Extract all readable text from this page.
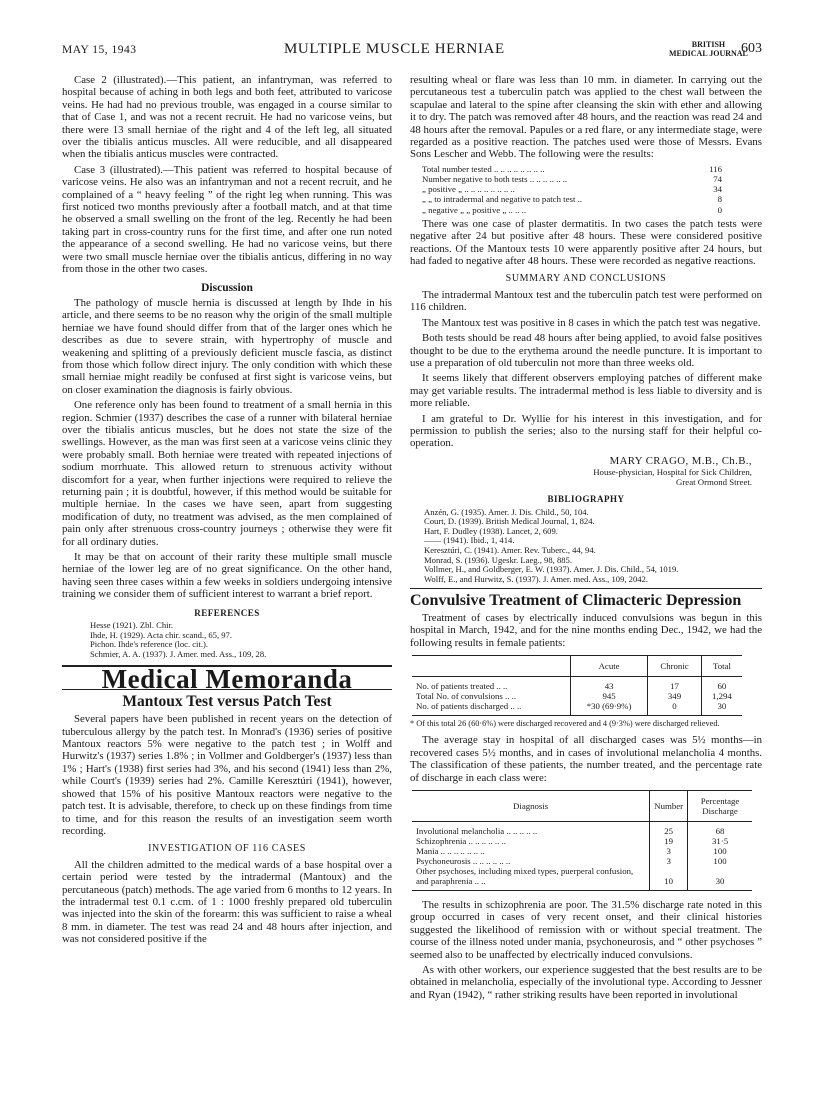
MAY 15, 1943	MULTIPLE MUSCLE HERNIAE	BRITISH
MEDICAL JOURNAL
603

Case 2 (illustrated).—This patient, an infantryman, was referred to hospital because of aching in both legs and both feet, attributed to varicose veins. He had had no previous trouble, was engaged in a course similar to that of Case 1, and was not a recent recruit. He had no varicose veins, but there were 13 small herniae of the right and 4 of the left leg, all situated over the tibialis anticus muscles. All were reducible, and all disappeared when the tibialis anticus muscles were contracted.

Case 3 (illustrated).—This patient was referred to hospital because of varicose veins. He also was an infantryman and not a recent recruit, and he complained of a “ heavy feeling ” of the right leg when running. This was first noticed two months previously after a football match, and at that time he observed a small swelling on the front of the leg. Recently he had been taking part in cross-country runs for the first time, and after one run noted the appearance of a second swelling. He had no varicose veins, but there were two small muscle herniae over the tibialis anticus, differing in no way from those in the other two cases.

Discussion

The pathology of muscle hernia is discussed at length by Ihde in his article, and there seems to be no reason why the origin of the small multiple herniae we have found should differ from that of the larger ones which he describes as due to severe strain, with hypertrophy of muscle and weakening and splitting of a previously deficient muscle fascia, as distinct from those which follow direct injury. The only condition with which these small herniae might readily be confused at first sight is varicose veins, but on closer examination the diagnosis is fairly obvious.

One reference only has been found to treatment of a small hernia in this region. Schmier (1937) describes the case of a runner with bilateral herniae over the tibialis anticus muscles, but he does not state the size of the swellings. However, as the man was first seen at a varicose veins clinic they were probably small. Both herniae were treated with repeated injections of sodium morrhuate. This allowed return to strenuous activity without discomfort for a year, when further injections were required to relieve the returning pain ; it is doubtful, however, if this method would be suitable for multiple herniae. In the cases we have seen, apart from suggesting modification of duty, no treatment was advised, as the men complained of pain only after strenuous cross-country journeys ; otherwise they were fit for all ordinary duties.

It may be that on account of their rarity these multiple small muscle herniae of the lower leg are of no great significance. On the other hand, having seen three cases within a few weeks in soldiers undergoing intensive training we consider them of sufficient interest to warrant a brief report.

REFERENCES
Hesse (1921). Zbl. Chir.
Ihde, H. (1929). Acta chir. scand., 65, 97.
Pichon. Ihde's reference (loc. cit.).
Schmier, A. A. (1937). J. Amer. med. Ass., 109, 28.
Medical Memoranda
Mantoux Test versus Patch Test

Several papers have been published in recent years on the detection of tuberculous allergy by the patch test. In Monrad's (1936) series of positive Mantoux reactors 5% were negative to the patch test ; in Wolff and Hurwitz's (1937) series 1.8% ; in Vollmer and Goldberger's (1937) less than 1% ; Hart's (1938) first series had 3%, and his second (1941) less than 2%, while Court's (1939) series had 2%. Camille Keresztúri (1941), however, showed that 15% of his positive Mantoux reactors were negative to the patch test. It is advisable, therefore, to check up on these findings from time to time, and for this reason the results of an investigation seem worth recording.

INVESTIGATION OF 116 CASES

All the children admitted to the medical wards of a base hospital over a certain period were tested by the intradermal (Mantoux) and the percutaneous (patch) methods. The age varied from 6 months to 12 years. In the intradermal test 0.1 c.cm. of 1 : 1000 freshly prepared old tuberculin was injected into the skin of the forearm: this was sufficient to raise a wheal 8 mm. in diameter. The test was read 24 and 48 hours after injection, and was not considered positive if the

resulting wheal or flare was less than 10 mm. in diameter. In carrying out the percutaneous test a tuberculin patch was applied to the chest wall between the scapulae and lateral to the spine after cleansing the skin with ether and allowing it to dry. The patch was removed after 48 hours, and the reaction was read 24 and 48 hours after the removal. Papules or a red flare, or any intermediate stage, were regarded as a positive reaction. The patches used were those of Messrs. Evans Sons Lescher and Webb. The following were the results:

Total number tested .. .. .. .. .. .. .. ..	116
Number negative to both tests .. .. .. .. .. ..	74
„ positive „ .. .. .. .. .. .. .. ..	34
„ „ to intradermal and negative to patch test ..	8
„ negative „ „ positive „ .. .. ..	0

There was one case of plaster dermatitis. In two cases the patch tests were negative after 24 but positive after 48 hours. These were considered positive reactions. Of the Mantoux tests 10 were apparently positive after 24 hours, but had faded to negative after 48 hours. These were recorded as negative reactions.

SUMMARY AND CONCLUSIONS

The intradermal Mantoux test and the tuberculin patch test were performed on 116 children.

The Mantoux test was positive in 8 cases in which the patch test was negative.

Both tests should be read 48 hours after being applied, to avoid false positives thought to be due to the erythema around the needle puncture. It is important to use a preparation of old tuberculin not more than three weeks old.

It seems likely that different observers employing patches of different make may get variable results. The intradermal method is less liable to diversity and is more reliable.

I am grateful to Dr. Wyllie for his interest in this investigation, and for permission to publish the series; also to the nursing staff for their helpful co-operation.

MARY CRAGO, M.B., Ch.B.,
House-physician, Hospital for Sick Children,
Great Ormond Street.
BIBLIOGRAPHY
Anzén, G. (1935). Amer. J. Dis. Child., 50, 104.
Court, D. (1939). British Medical Journal, 1, 824.
Hart, F. Dudley (1938). Lancet, 2, 609.
—— (1941). Ibid., 1, 414.
Keresztúri, C. (1941). Amer. Rev. Tuberc., 44, 94.
Monrad, S. (1936). Ugeskr. Laeg., 98, 885.
Vollmer, H., and Goldberger, E. W. (1937). Amer. J. Dis. Child., 54, 1019.
Wolff, E., and Hurwitz, S. (1937). J. Amer. med. Ass., 109, 2042.
Convulsive Treatment of Climacteric Depression

Treatment of cases by electrically induced convulsions was begun in this hospital in March, 1942, and for the nine months ending Dec., 1942, we had the following results in female patients:

	Acute	Chronic	Total
No. of patients treated .. ..	43	17	60
Total No. of convulsions .. ..	945	349	1,294
No. of patients discharged .. ..	*30 (69·9%)	0	30
* Of this total 26 (60·6%) were discharged recovered and 4 (9·3%) were discharged relieved.

The average stay in hospital of all discharged cases was 5½ months—in recovered cases 5½ months, and in cases of involutional melancholia 4 months. The classification of these patients, the number treated, and the percentage rate of discharge in each class were:

Diagnosis	Number	Percentage Discharge
Involutional melancholia .. .. .. .. ..	25	68
Schizophrenia .. .. .. .. .. ..	19	31·5
Mania .. .. .. .. .. .. ..	3	100
Psychoneurosis .. .. .. .. .. ..	3	100
Other psychoses, including mixed types, puerperal confusion, and paraphrenia .. ..	10	30

The results in schizophrenia are poor. The 31.5% discharge rate noted in this group occurred in cases of very recent onset, and their clinical histories suggested the likelihood of remission with or without special treatment. The course of the illness noted under mania, psychoneurosis, and “ other psychoses ” seemed also to be unaffected by electrically induced convulsions.

As with other workers, our experience suggested that the best results are to be obtained in melancholia, especially of the involutional type. According to Jessner and Ryan (1942), “ rather striking results have been reported in involutional
